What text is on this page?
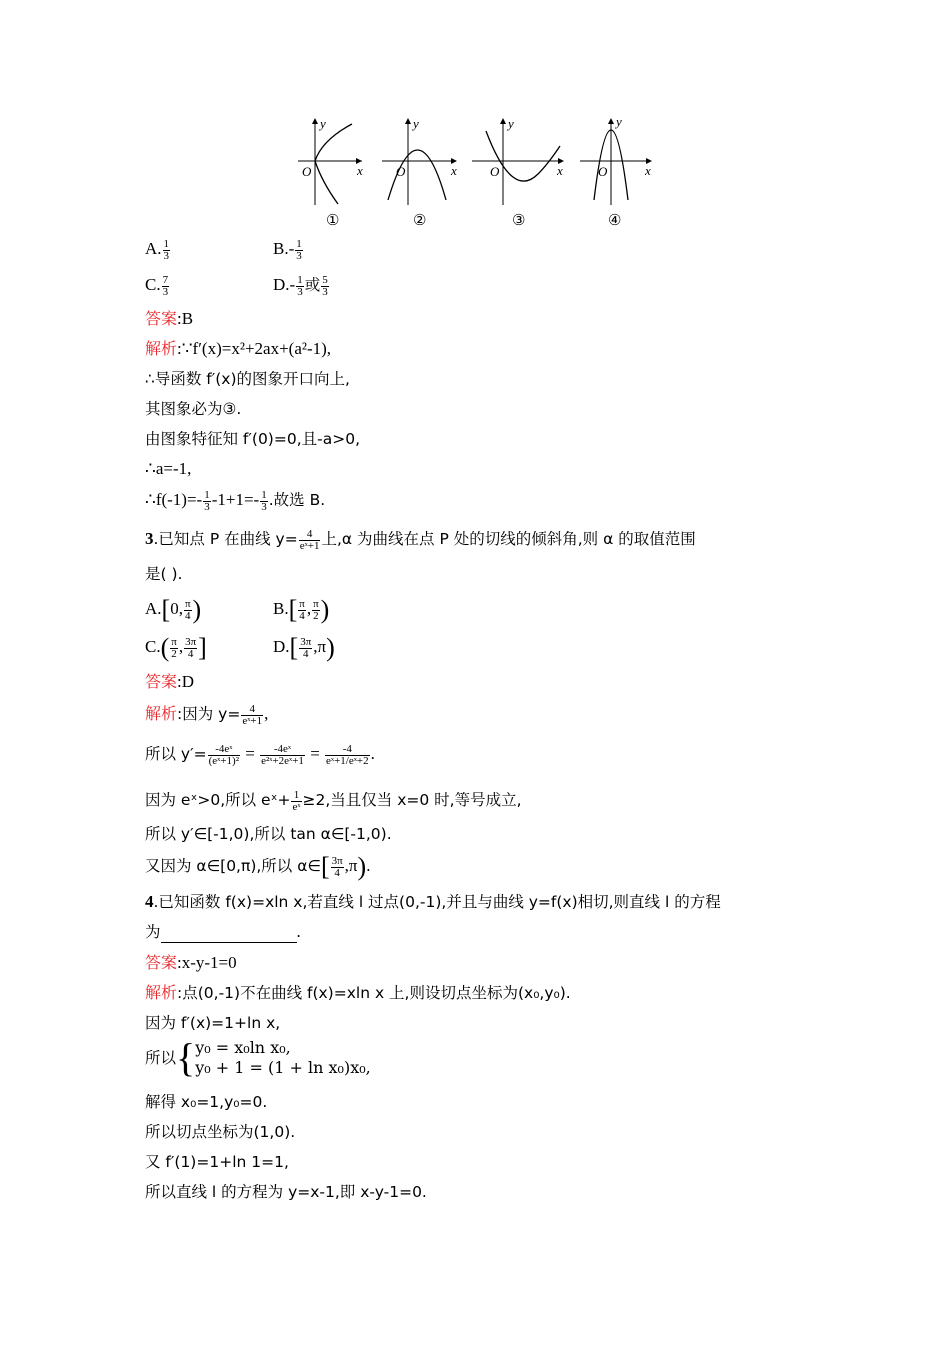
y
x
O
①
y
x
O
②
y
x
O
③
y
x
O
④
A. $\frac{1}{3}$	$B.- \frac{1}{3}$
C. $\frac{7}{3}$	$D.- \frac{1}{3}$ 或 $\frac{5}{3}$
答案:B
解析:∵f′(x)=x²+2ax+(a²-1),
∴导函数 f′(x)的图象开口向上,
其图象必为③.
由图象特征知 f′(0)=0,且-a>0,
∴a=-1,
∴f(-1)=- $\frac{1}{3} -1+1=- \frac{1}{3}$ .故选 B.
3.已知点 P 在曲线 $y= \frac{4}{\text{eˣ+1}}$ 上,α 为曲线在点 P 处的切线的倾斜角,则 α 的取值范围
是( ).
A.[0, $\frac{\pi}{4}$ )	$B.[ \frac{\pi}{4}$ , $\frac{\pi}{2}$ )
$C.( \frac{\pi}{2}$ , $\frac{3\pi}{4}$ ]	$D.[ \frac{3\pi}{4} ,\pi)$
答案:D
解析:因为 $y= \frac{4}{\text{eˣ+1}}$ ,
所以 $y'= \frac{\text{-4eˣ}}{\text{(eˣ+1)²}} = \frac{\text{-4eˣ}}{\text{e²ˣ+2eˣ+1}} = \frac{-4}{\text{eˣ+1/eˣ+2}}$ .
因为 eˣ>0,所以 eˣ+ $\frac{1}{\text{eˣ}} \ge 2$,当且仅当 x=0 时,等号成立,
所以 y′∈[-1,0),所以 tan α∈[-1,0).
又因为 α∈[0,π),所以 α∈[ $\frac{3\pi}{4} ,\pi$).
4.已知函数 f(x)=xln x,若直线 l 过点(0,-1),并且与曲线 y=f(x)相切,则直线 l 的方程
为	.
答案:x-y-1=0
解析:点(0,-1)不在曲线 f(x)=xln x 上,则设切点坐标为(x₀,y₀).
因为 f′(x)=1+ln x,
所以{y₀ = x₀ln x₀,
y₀ + 1 = (1 + ln x₀)x₀,
解得 x₀=1,y₀=0.
所以切点坐标为(1,0).
又 f′(1)=1+ln 1=1,
所以直线 l 的方程为 y=x-1,即 x-y-1=0.
